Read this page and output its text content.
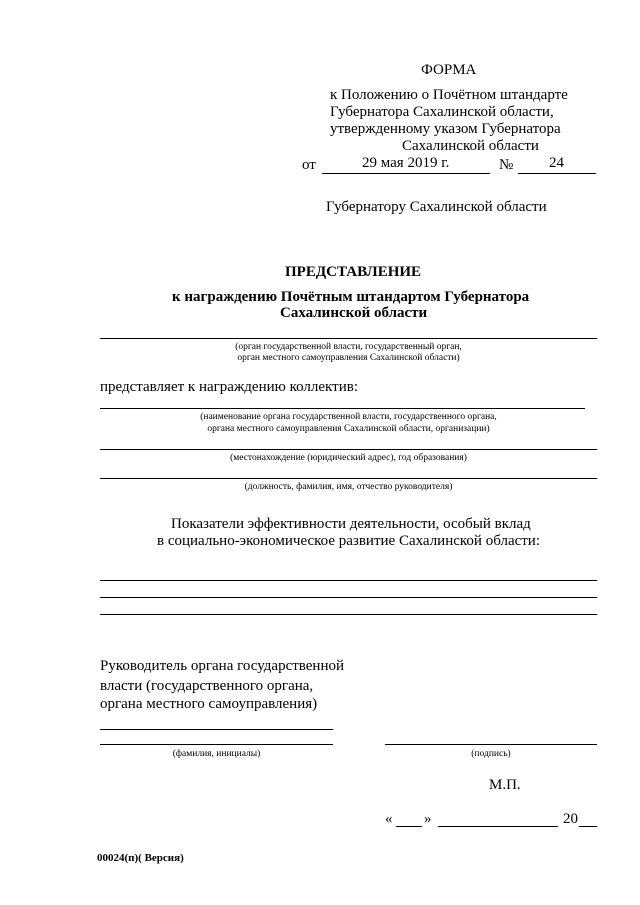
ФОРМА
к Положению о Почётном штандарте
Губернатора Сахалинской области,
утвержденному указом Губернатора
Сахалинской области
от	29 мая 2019 г.	№ 24
Губернатору Сахалинской области
ПРЕДСТАВЛЕНИЕ
к награждению Почётным штандартом Губернатора
Сахалинской области
(орган государственной власти, государственный орган,
орган местного самоуправления Сахалинской области)
представляет к награждению коллектив:
(наименование органа государственной власти, государственного органа,
органа местного самоуправления Сахалинской области, организации)
(местонахождение (юридический адрес), год образования)
(должность, фамилия, имя, отчество руководителя)
Показатели эффективности деятельности, особый вклад
в социально-экономическое развитие Сахалинской области:
Руководитель органа государственной
власти (государственного органа,
органа местного самоуправления)
(фамилия, инициалы)	(подпись)
М.П.
« »	20
00024(п)( Версия)
